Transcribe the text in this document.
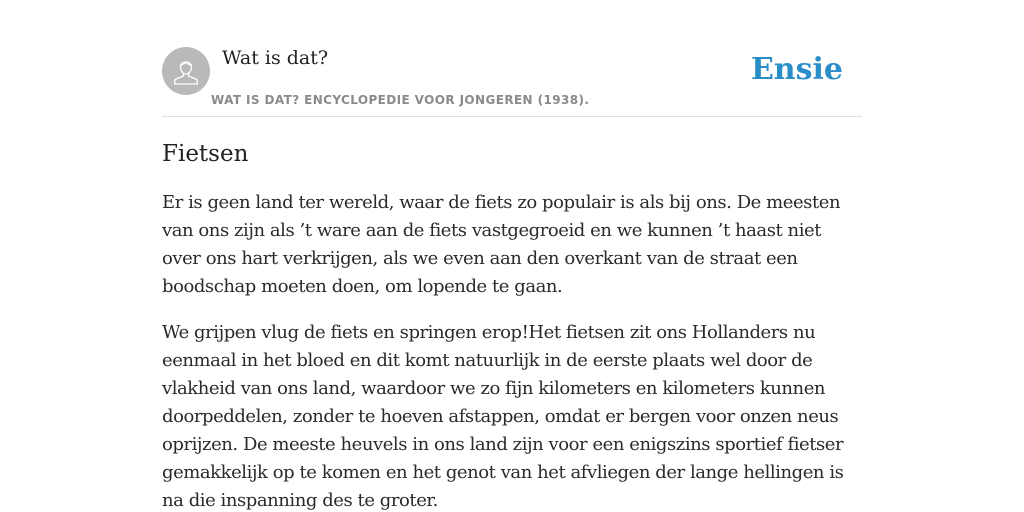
Wat is dat?
WAT IS DAT? ENCYCLOPEDIE VOOR JONGEREN (1938).
Ensie
Fietsen

Er is geen land ter wereld, waar de fiets zo populair is als bij ons. De meesten van ons zijn als ’t ware aan de fiets vastgegroeid en we kunnen ’t haast niet over ons hart verkrijgen, als we even aan den overkant van de straat een boodschap moeten doen, om lopende te gaan.

We grijpen vlug de fiets en springen erop!Het fietsen zit ons Hollanders nu eenmaal in het bloed en dit komt natuurlijk in de eerste plaats wel door de vlakheid van ons land, waardoor we zo fijn kilometers en kilometers kunnen doorpeddelen, zonder te hoeven afstappen, omdat er bergen voor onzen neus oprijzen. De meeste heuvels in ons land zijn voor een enigszins sportief fietser gemakkelijk op te komen en het genot van het afvliegen der lange hellingen is na die inspanning des te groter.
